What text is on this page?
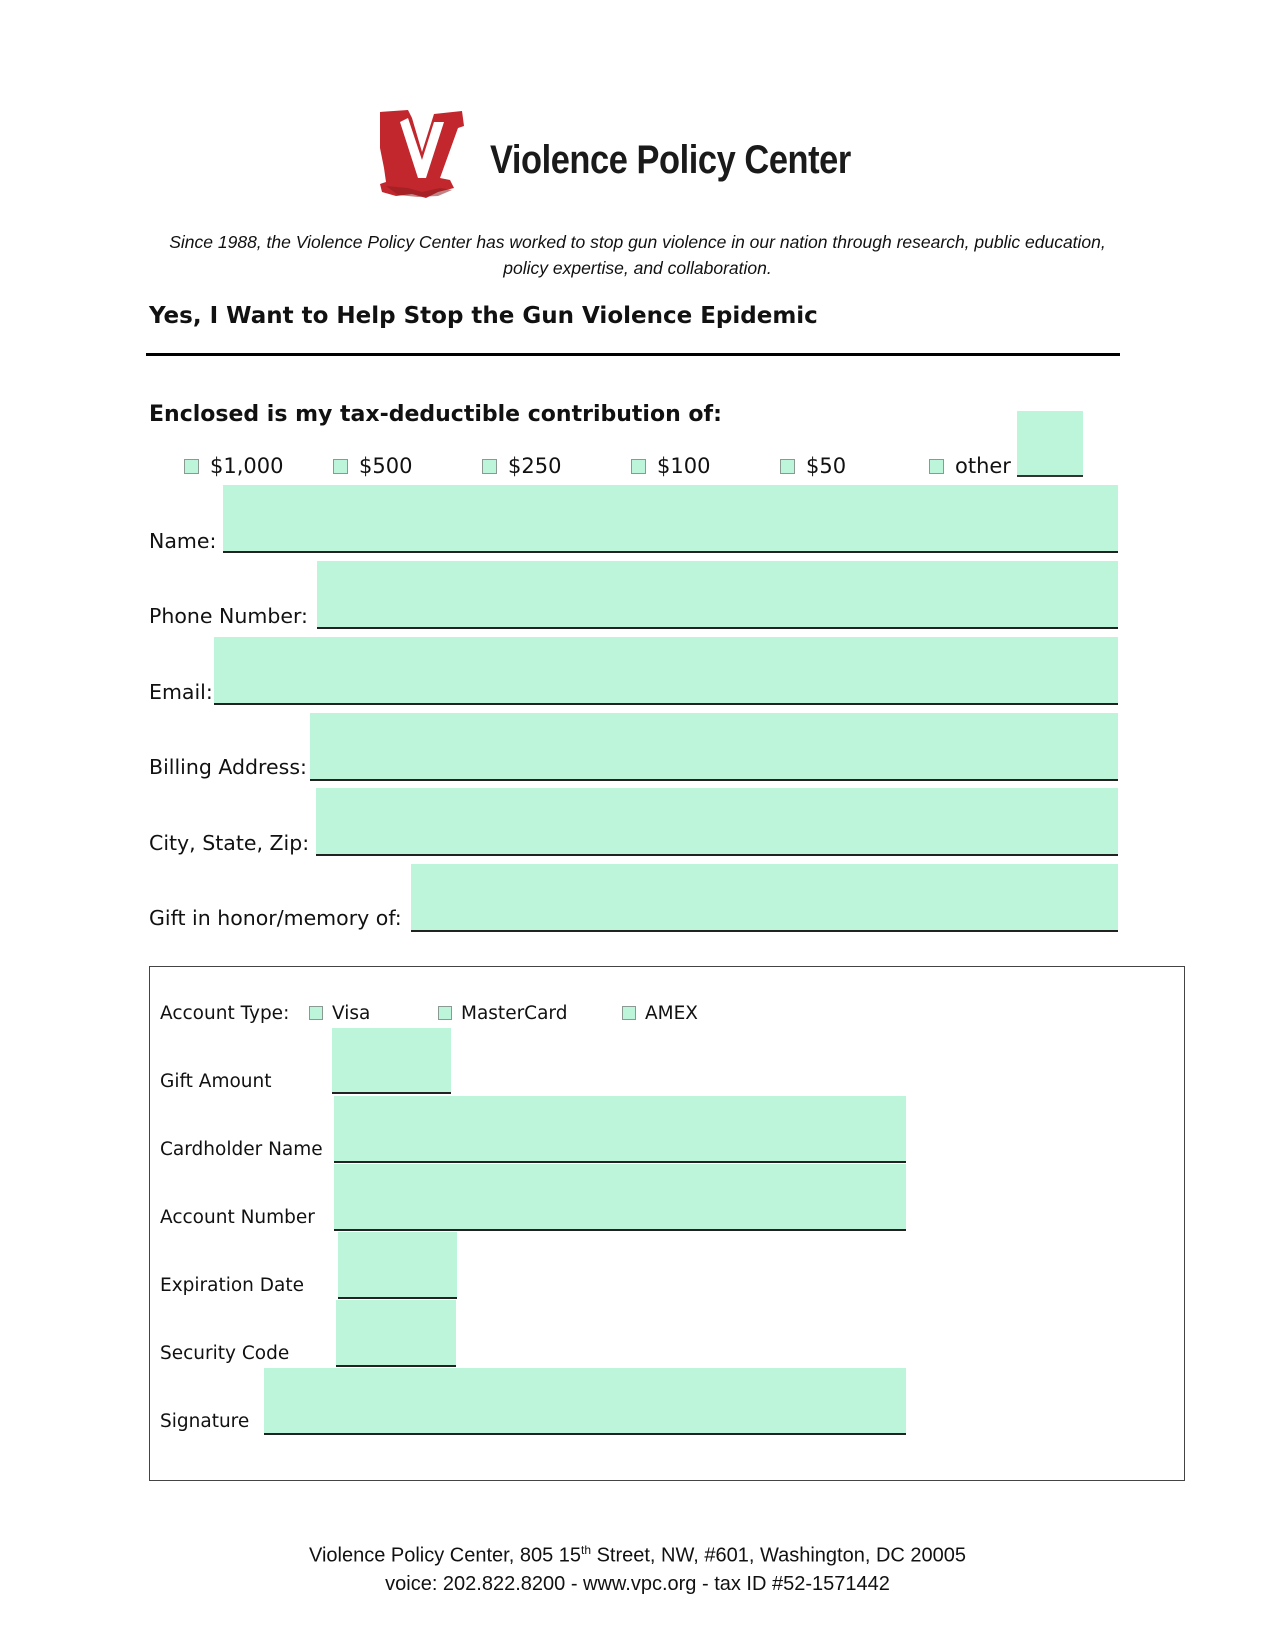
Violence Policy Center
Since 1988, the Violence Policy Center has worked to stop gun violence in our nation through research, public education, policy expertise, and collaboration.
Yes, I Want to Help Stop the Gun Violence Epidemic
Enclosed is my tax-deductible contribution of:
$1,000	$500	$250	$100	$50	other
Name:
Phone Number:
Email:
Billing Address:
City, State, Zip:
Gift in honor/memory of:
Account Type: Visa	MasterCard	AMEX
Gift Amount
Cardholder Name
Account Number
Expiration Date
Security Code
Signature
Violence Policy Center, 805 15th Street, NW, #601, Washington, DC 20005
voice: 202.822.8200 - www.vpc.org - tax ID #52-1571442
